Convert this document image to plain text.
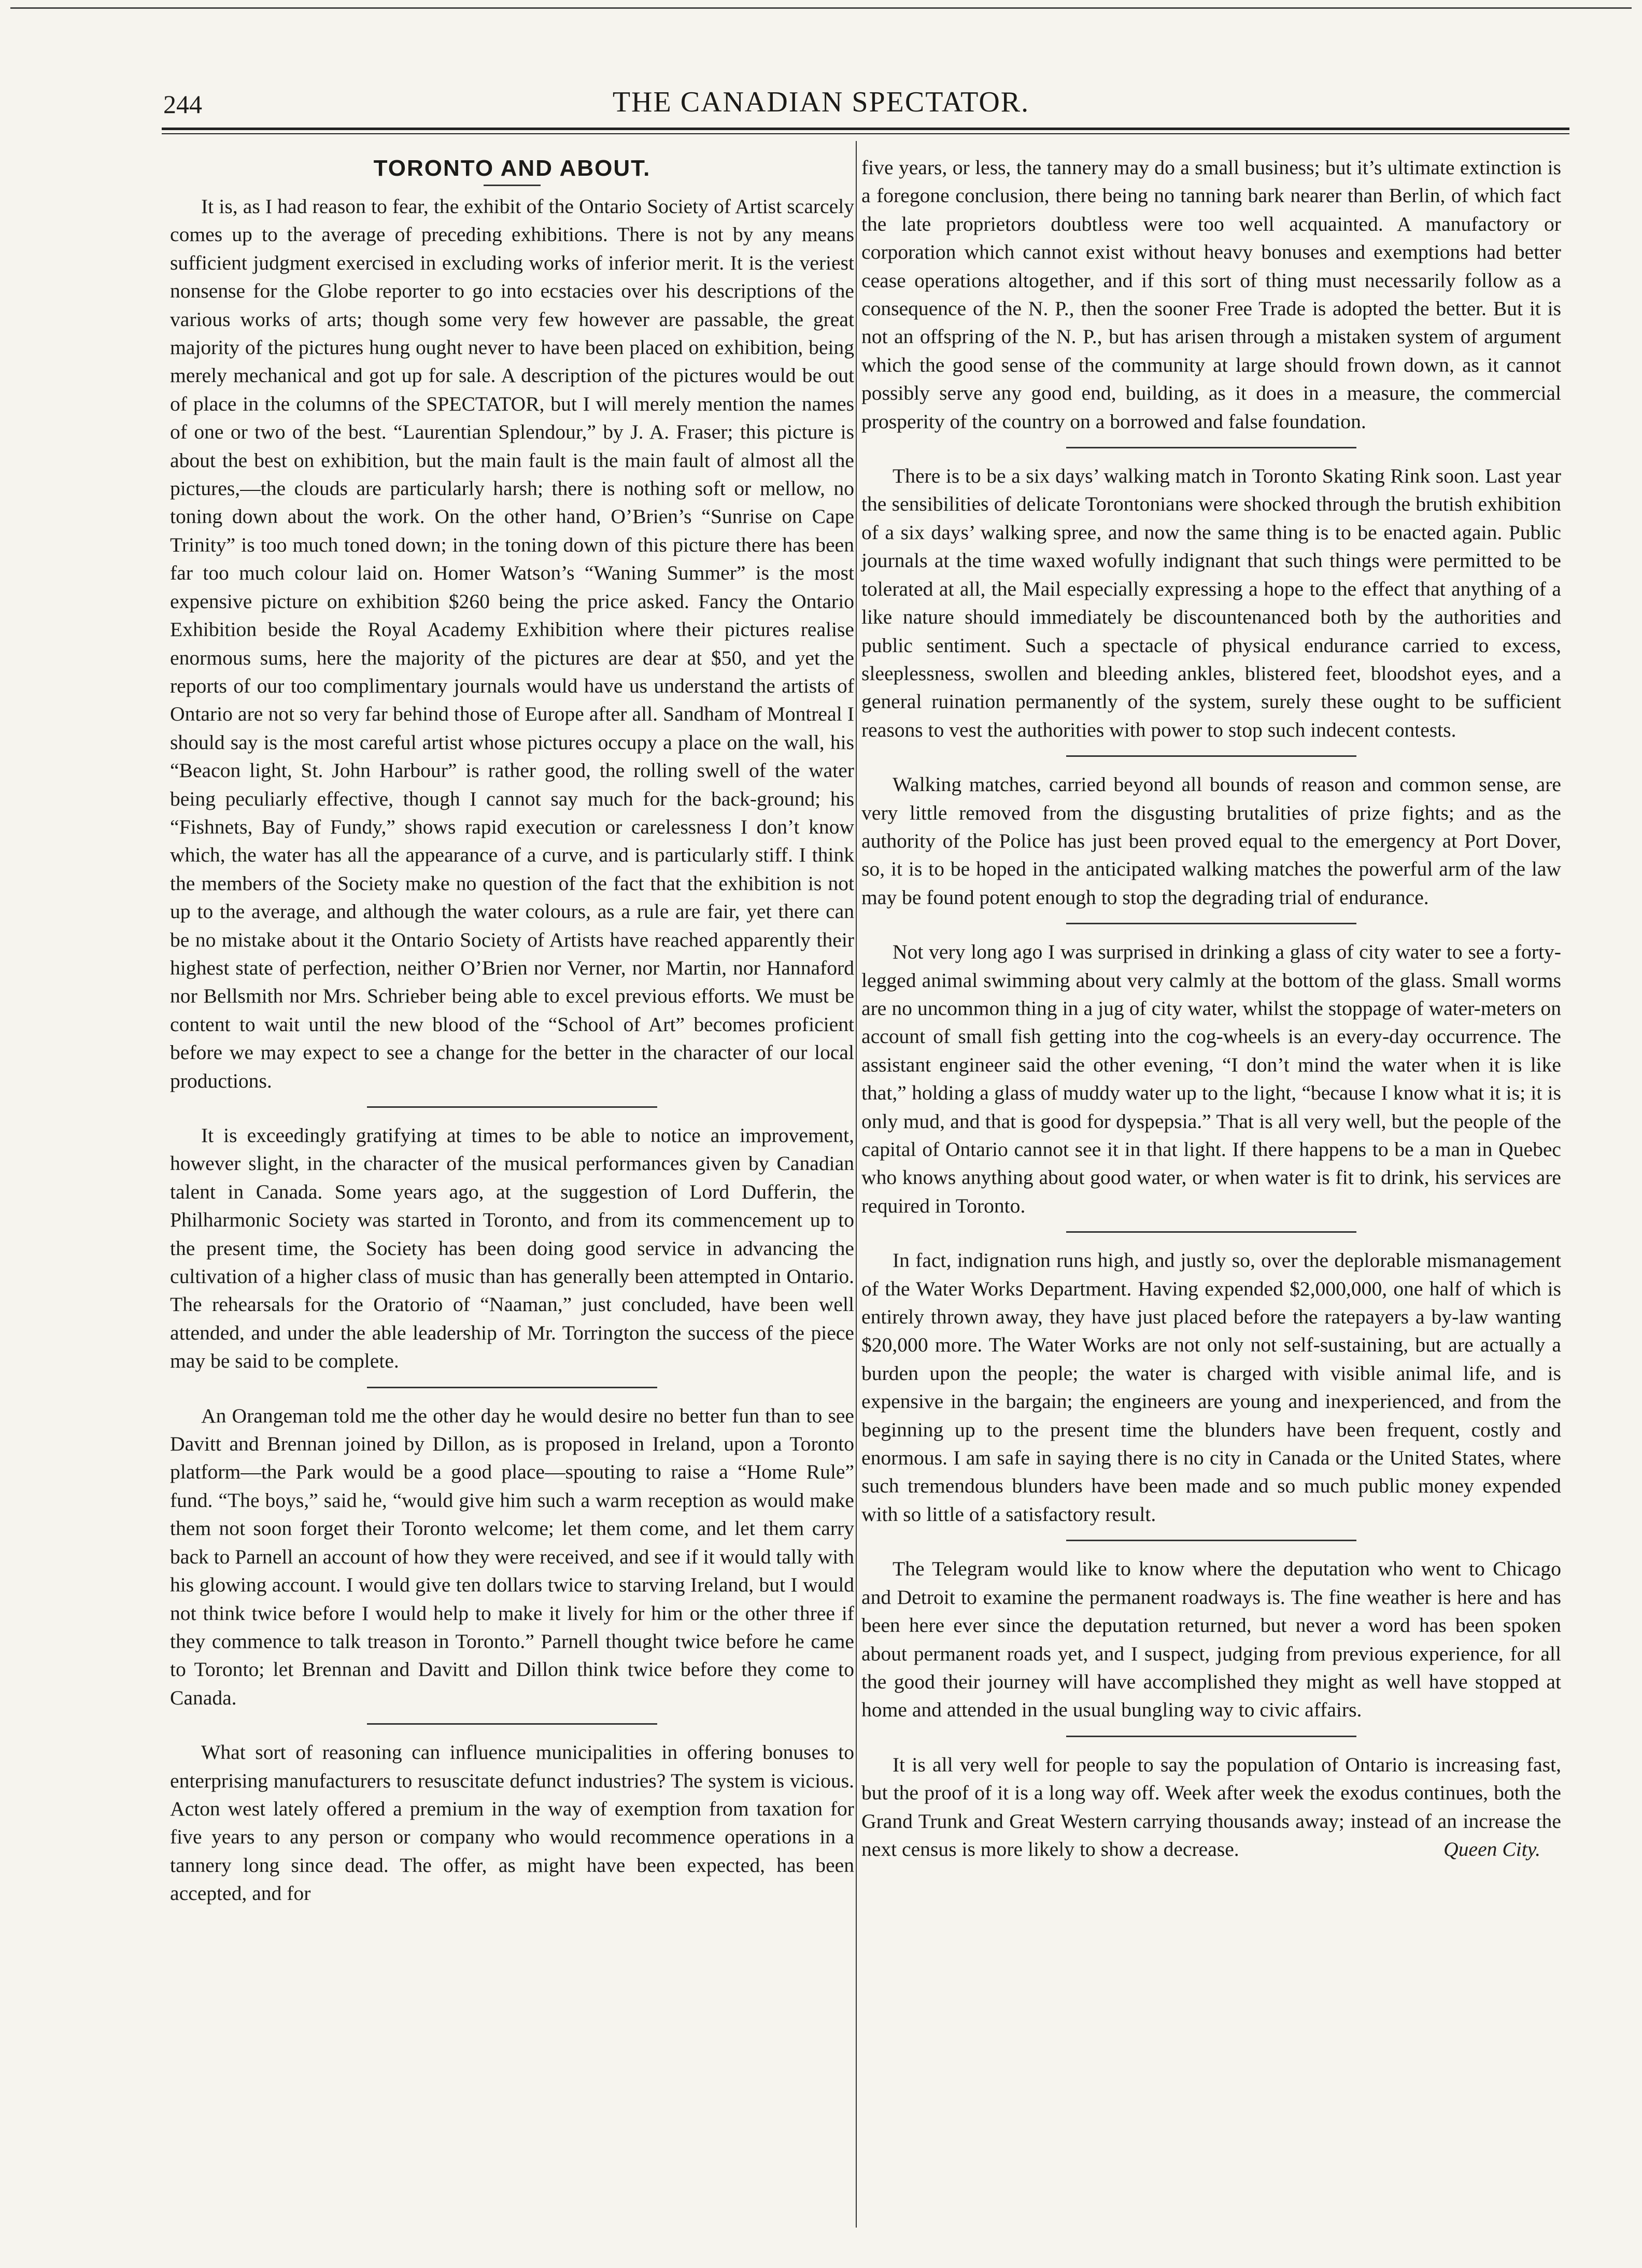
244	THE CANADIAN SPECTATOR.
TORONTO AND ABOUT.

It is, as I had reason to fear, the exhibit of the Ontario Society of Artist scarcely comes up to the average of preceding exhibitions. There is not by any means sufficient judgment exercised in excluding works of inferior merit. It is the veriest nonsense for the Globe reporter to go into ecstacies over his descriptions of the various works of arts; though some very few however are passable, the great majority of the pictures hung ought never to have been placed on exhibition, being merely mechanical and got up for sale. A description of the pictures would be out of place in the columns of the SPECTATOR, but I will merely mention the names of one or two of the best. “Laurentian Splendour,” by J. A. Fraser; this picture is about the best on exhibition, but the main fault is the main fault of almost all the pictures,—the clouds are particularly harsh; there is nothing soft or mellow, no toning down about the work. On the other hand, O’Brien’s “Sunrise on Cape Trinity” is too much toned down; in the toning down of this picture there has been far too much colour laid on. Homer Watson’s “Waning Summer” is the most expensive picture on exhibition $260 being the price asked. Fancy the Ontario Exhibition beside the Royal Academy Exhibition where their pictures realise enormous sums, here the majority of the pictures are dear at $50, and yet the reports of our too complimentary journals would have us understand the artists of Ontario are not so very far behind those of Europe after all. Sandham of Montreal I should say is the most careful artist whose pictures occupy a place on the wall, his “Beacon light, St. John Harbour” is rather good, the rolling swell of the water being peculiarly effective, though I cannot say much for the back-ground; his “Fishnets, Bay of Fundy,” shows rapid execution or carelessness I don’t know which, the water has all the appearance of a curve, and is particularly stiff. I think the members of the Society make no question of the fact that the exhibition is not up to the average, and although the water colours, as a rule are fair, yet there can be no mistake about it the Ontario Society of Artists have reached apparently their highest state of perfection, neither O’Brien nor Verner, nor Martin, nor Hannaford nor Bellsmith nor Mrs. Schrieber being able to excel previous efforts. We must be content to wait until the new blood of the “School of Art” becomes proficient before we may expect to see a change for the better in the character of our local productions.

It is exceedingly gratifying at times to be able to notice an improvement, however slight, in the character of the musical performances given by Canadian talent in Canada. Some years ago, at the suggestion of Lord Dufferin, the Philharmonic Society was started in Toronto, and from its commencement up to the present time, the Society has been doing good service in advancing the cultivation of a higher class of music than has generally been attempted in Ontario. The rehearsals for the Oratorio of “Naaman,” just concluded, have been well attended, and under the able leadership of Mr. Torrington the success of the piece may be said to be complete.

An Orangeman told me the other day he would desire no better fun than to see Davitt and Brennan joined by Dillon, as is proposed in Ireland, upon a Toronto platform—the Park would be a good place—spouting to raise a “Home Rule” fund. “The boys,” said he, “would give him such a warm reception as would make them not soon forget their Toronto welcome; let them come, and let them carry back to Parnell an account of how they were received, and see if it would tally with his glowing account. I would give ten dollars twice to starving Ireland, but I would not think twice before I would help to make it lively for him or the other three if they commence to talk treason in Toronto.” Parnell thought twice before he came to Toronto; let Brennan and Davitt and Dillon think twice before they come to Canada.

What sort of reasoning can influence municipalities in offering bonuses to enterprising manufacturers to resuscitate defunct industries? The system is vicious. Acton west lately offered a premium in the way of exemption from taxation for five years to any person or company who would recommence operations in a tannery long since dead. The offer, as might have been expected, has been accepted, and for

five years, or less, the tannery may do a small business; but it’s ultimate extinction is a foregone conclusion, there being no tanning bark nearer than Berlin, of which fact the late proprietors doubtless were too well acquainted. A manufactory or corporation which cannot exist without heavy bonuses and exemptions had better cease operations altogether, and if this sort of thing must necessarily follow as a consequence of the N. P., then the sooner Free Trade is adopted the better. But it is not an offspring of the N. P., but has arisen through a mistaken system of argument which the good sense of the community at large should frown down, as it cannot possibly serve any good end, building, as it does in a measure, the commercial prosperity of the country on a borrowed and false foundation.

There is to be a six days’ walking match in Toronto Skating Rink soon. Last year the sensibilities of delicate Torontonians were shocked through the brutish exhibition of a six days’ walking spree, and now the same thing is to be enacted again. Public journals at the time waxed wofully indignant that such things were permitted to be tolerated at all, the Mail especially expressing a hope to the effect that anything of a like nature should immediately be discountenanced both by the authorities and public sentiment. Such a spectacle of physical endurance carried to excess, sleeplessness, swollen and bleeding ankles, blistered feet, bloodshot eyes, and a general ruination permanently of the system, surely these ought to be sufficient reasons to vest the authorities with power to stop such indecent contests.

Walking matches, carried beyond all bounds of reason and common sense, are very little removed from the disgusting brutalities of prize fights; and as the authority of the Police has just been proved equal to the emergency at Port Dover, so, it is to be hoped in the anticipated walking matches the powerful arm of the law may be found potent enough to stop the degrading trial of endurance.

Not very long ago I was surprised in drinking a glass of city water to see a forty-legged animal swimming about very calmly at the bottom of the glass. Small worms are no uncommon thing in a jug of city water, whilst the stoppage of water-meters on account of small fish getting into the cog-wheels is an every-day occurrence. The assistant engineer said the other evening, “I don’t mind the water when it is like that,” holding a glass of muddy water up to the light, “because I know what it is; it is only mud, and that is good for dyspepsia.” That is all very well, but the people of the capital of Ontario cannot see it in that light. If there happens to be a man in Quebec who knows anything about good water, or when water is fit to drink, his services are required in Toronto.

In fact, indignation runs high, and justly so, over the deplorable mismanagement of the Water Works Department. Having expended $2,000,000, one half of which is entirely thrown away, they have just placed before the ratepayers a by-law wanting $20,000 more. The Water Works are not only not self-sustaining, but are actually a burden upon the people; the water is charged with visible animal life, and is expensive in the bargain; the engineers are young and inexperienced, and from the beginning up to the present time the blunders have been frequent, costly and enormous. I am safe in saying there is no city in Canada or the United States, where such tremendous blunders have been made and so much public money expended with so little of a satisfactory result.

The Telegram would like to know where the deputation who went to Chicago and Detroit to examine the permanent roadways is. The fine weather is here and has been here ever since the deputation returned, but never a word has been spoken about permanent roads yet, and I suspect, judging from previous experience, for all the good their journey will have accomplished they might as well have stopped at home and attended in the usual bungling way to civic affairs.

It is all very well for people to say the population of Ontario is increasing fast, but the proof of it is a long way off. Week after week the exodus continues, both the Grand Trunk and Great Western carrying thousands away; instead of an increase the next census is more likely to show a decrease.	Queen City.
